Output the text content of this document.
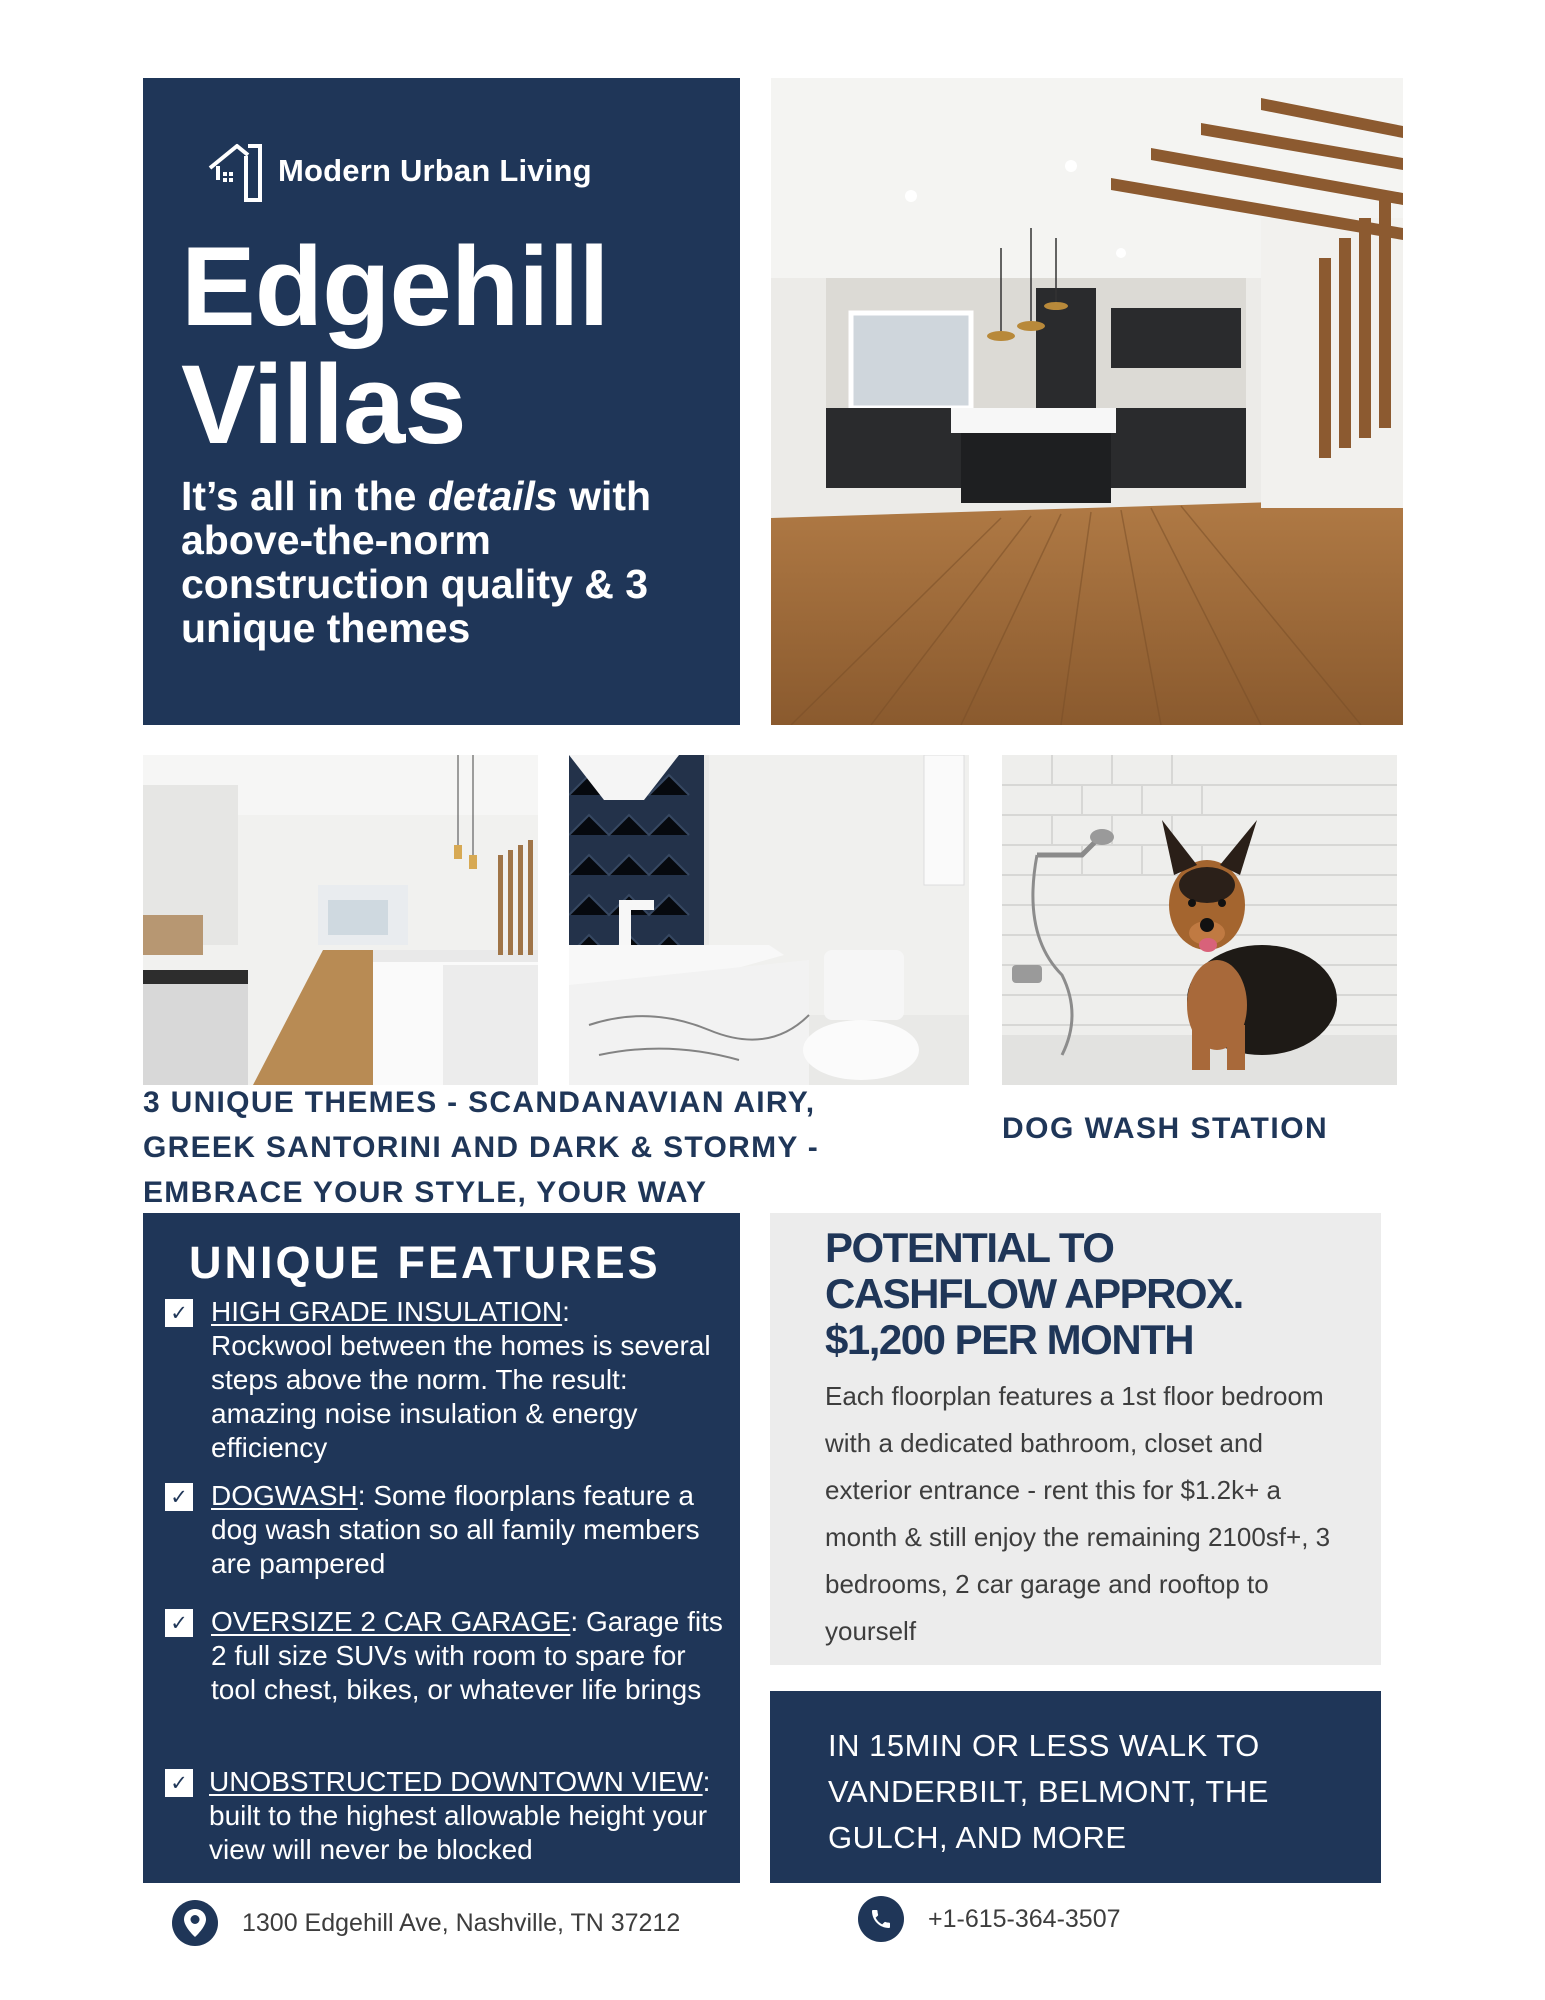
Modern Urban Living
Edgehill
Villas
It’s all in the details with above-the-norm construction quality & 3 unique themes
3 UNIQUE THEMES - SCANDANAVIAN AIRY, GREEK SANTORINI AND DARK & STORMY - EMBRACE YOUR STYLE, YOUR WAY
DOG WASH STATION
UNIQUE FEATURES
✓ HIGH GRADE INSULATION:
Rockwool between the homes is several steps above the norm. The result: amazing noise insulation & energy efficiency
✓ DOGWASH: Some floorplans feature a dog wash station so all family members are pampered
✓ OVERSIZE 2 CAR GARAGE: Garage fits 2 full size SUVs with room to spare for tool chest, bikes, or whatever life brings
✓ UNOBSTRUCTED DOWNTOWN VIEW:
built to the highest allowable height your view will never be blocked
POTENTIAL TO CASHFLOW APPROX. $1,200 PER MONTH
Each floorplan features a 1st floor bedroom with a dedicated bathroom, closet and exterior entrance - rent this for $1.2k+ a month & still enjoy the remaining 2100sf+, 3 bedrooms, 2 car garage and rooftop to yourself
IN 15MIN OR LESS WALK TO VANDERBILT, BELMONT, THE GULCH, AND MORE
1300 Edgehill Ave, Nashville, TN 37212	+1-615-364-3507
